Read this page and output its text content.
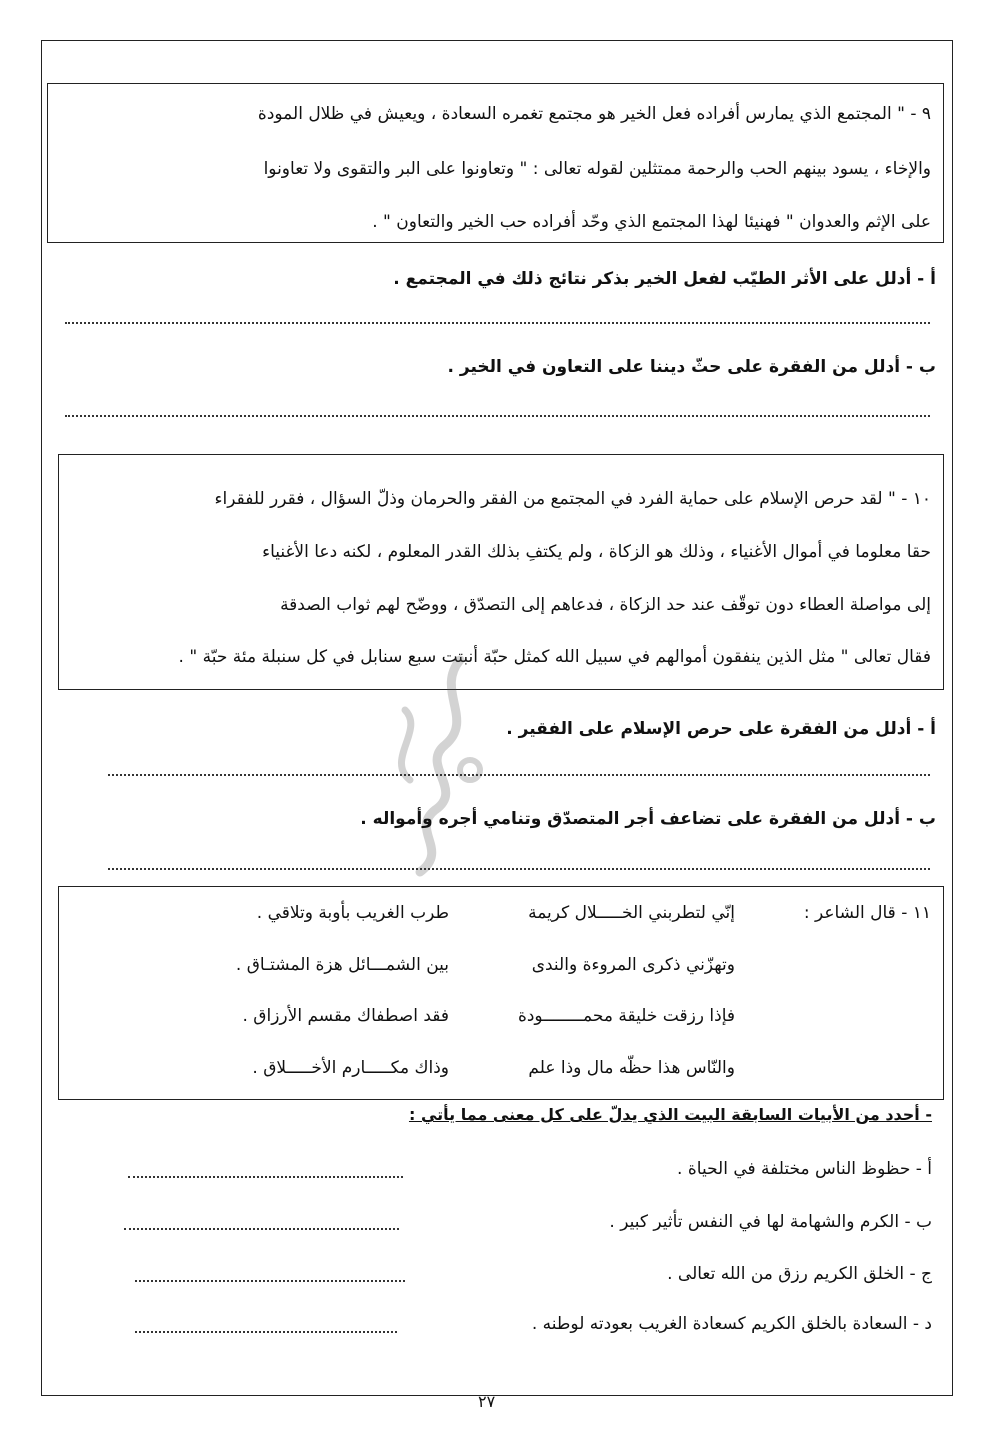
٩ - " المجتمع الذي يمارس أفراده فعل الخير هو مجتمع تغمره السعادة ، ويعيش في ظلال المودة
والإخاء ، يسود بينهم الحب والرحمة ممتثلين لقوله تعالى : " وتعاونوا على البر والتقوى ولا تعاونوا
على الإثم والعدوان " فهنيئا لهذا المجتمع الذي وحّد أفراده حب الخير والتعاون " .
أ - أدلل على الأثر الطيّب لفعل الخير بذكر نتائج ذلك في المجتمع .
ب - أدلل من الفقرة على حثّ ديننا على التعاون في الخير .
١٠ - " لقد حرص الإسلام على حماية الفرد في المجتمع من الفقر والحرمان وذلّ السؤال ، فقرر للفقراء
حقا معلوما في أموال الأغنياء ، وذلك هو الزكاة ، ولم يكتفِ بذلك القدر المعلوم ، لكنه دعا الأغنياء
إلى مواصلة العطاء دون توقّف عند حد الزكاة ، فدعاهم إلى التصدّق ، ووضّح لهم ثواب الصدقة
فقال تعالى " مثل الذين ينفقون أموالهم في سبيل الله كمثل حبّة أنبتت سبع سنابل في كل سنبلة مئة حبّة " .
أ - أدلل من الفقرة على حرص الإسلام على الفقير .
ب - أدلل من الفقرة على تضاعف أجر المتصدّق وتنامي أجره وأمواله .
١١ - قال الشاعر :
إنّي لتطربني الخـــــلال كريمة
طرب الغريب بأوبة وتلاقي .
وتهزّني ذكرى المروءة والندى
بين الشمـــائل هزة المشتـاق .
فإذا رزقت خليقة محمــــــــودة
فقد اصطفاك مقسم الأرزاق .
والنّاس هذا حظّه مال وذا علم
وذاك مكـــــارم الأخـــــلاق .
- أحدد من الأبيات السابقة البيت الذي يدلّ على كل معنى مما يأتي :
أ - حظوظ الناس مختلفة في الحياة .
ب - الكرم والشهامة لها في النفس تأثير كبير .
ج - الخلق الكريم رزق من الله تعالى .
د - السعادة بالخلق الكريم كسعادة الغريب بعودته لوطنه .
٢٧
